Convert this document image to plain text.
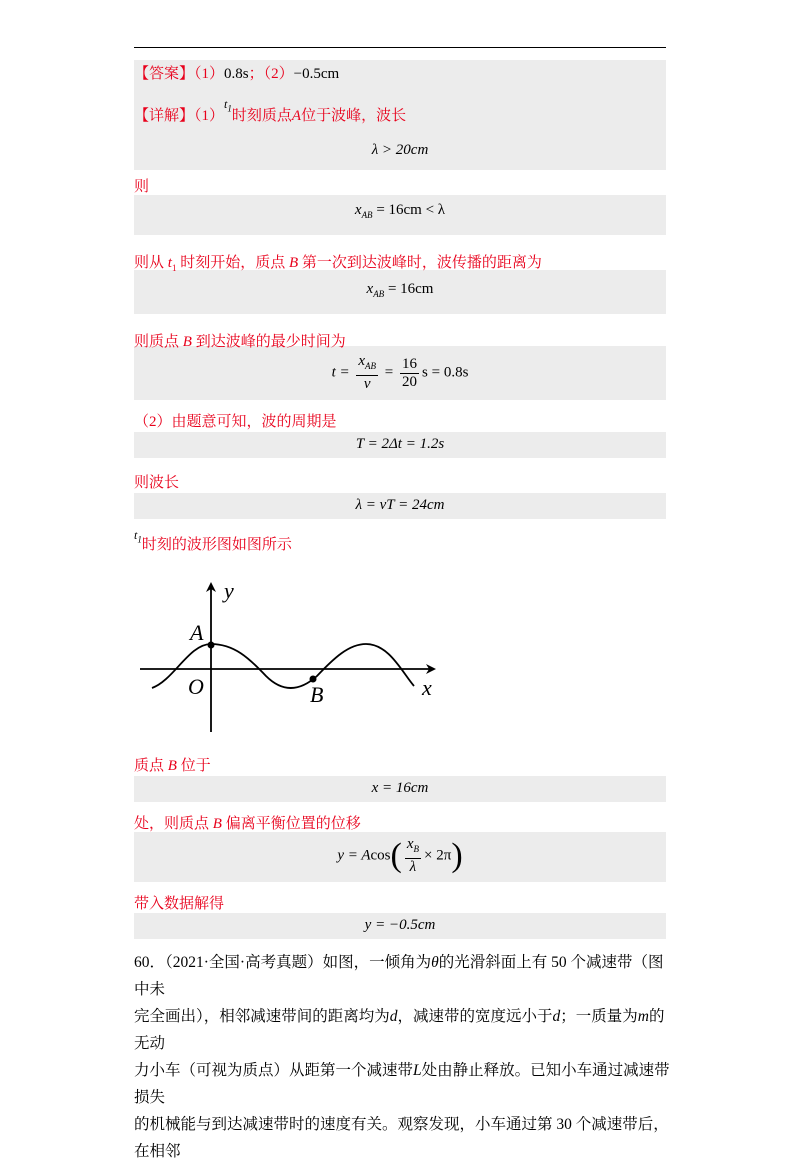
【答案】（1）0.8s；（2）−0.5cm
【详解】$(1)^{t_1}$时刻质点A位于波峰，波长
λ > 20cm
则
$x_{AB} = 16cm < \lambda$
则从 $t_1$ 时刻开始，质点 B 第一次到达波峰时，波传播的距离为
$x_{AB} = 16cm$
则质点 B 到达波峰的最少时间为
$t = \frac{x_{AB}}{v} = \frac{16}{20}$ s = 0.8s
（2）由题意可知，波的周期是
T = 2Δt = 1.2s
则波长
λ = vT = 24cm
$^{t_1}$时刻的波形图如图所示
y
x
O
A
B
质点 B 位于
x = 16cm
处，则质点 B 偏离平衡位置的位移
$y = Acos( \frac{x_B}{\lambda} \times 2\pi)$
带入数据解得
y = −0.5cm
60．（2021·全国·高考真题）如图，一倾角为θ的光滑斜面上有 50 个减速带（图中未
完全画出），相邻减速带间的距离均为d，减速带的宽度远小于d；一质量为m的无动
力小车（可视为质点）从距第一个减速带L处由静止释放。已知小车通过减速带损失
的机械能与到达减速带时的速度有关。观察发现，小车通过第 30 个减速带后，在相邻
